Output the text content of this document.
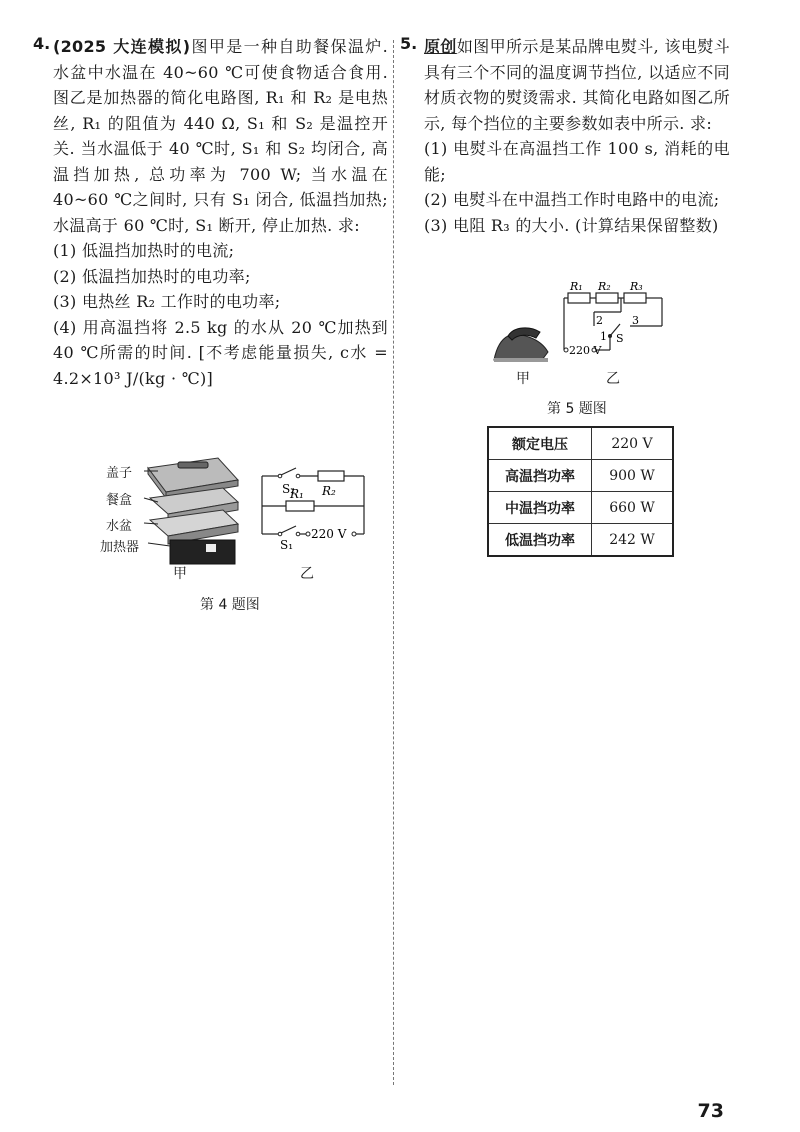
4. (2025 大连模拟)图甲是一种自助餐保温炉. 水盆中水温在 40~60 ℃可使食物适合食用. 图乙是加热器的简化电路图, R₁ 和 R₂ 是电热丝, R₁ 的阻值为 440 Ω, S₁ 和 S₂ 是温控开关. 当水温低于 40 ℃时, S₁ 和 S₂ 均闭合, 高温挡加热, 总功率为 700 W; 当水温在 40~60 ℃之间时, 只有 S₁ 闭合, 低温挡加热; 水温高于 60 ℃时, S₁ 断开, 停止加热. 求:
(1) 低温挡加热时的电流;
(2) 低温挡加热时的电功率;
(3) 电热丝 R₂ 工作时的电功率;
(4) 用高温挡将 2.5 kg 的水从 20 ℃加热到 40 ℃所需的时间. [不考虑能量损失, c水 = 4.2×10³ J/(kg · ℃)]
盖子
餐盒
水盆
加热器
S₂ R₂
R₁
S₁
220 V
甲	乙
第 4 题图
5. 原创如图甲所示是某品牌电熨斗, 该电熨斗具有三个不同的温度调节挡位, 以适应不同材质衣物的熨烫需求. 其简化电路如图乙所示, 每个挡位的主要参数如表中所示. 求:
(1) 电熨斗在高温挡工作 100 s, 消耗的电能;
(2) 电熨斗在中温挡工作时电路中的电流;
(3) 电阻 R₃ 的大小. (计算结果保留整数)
R₁ R₂ R₃
2	3
1 S
220 V
甲	乙
第 5 题图
额定电压	220 V
高温挡功率	900 W
中温挡功率	660 W
低温挡功率	242 W
73
